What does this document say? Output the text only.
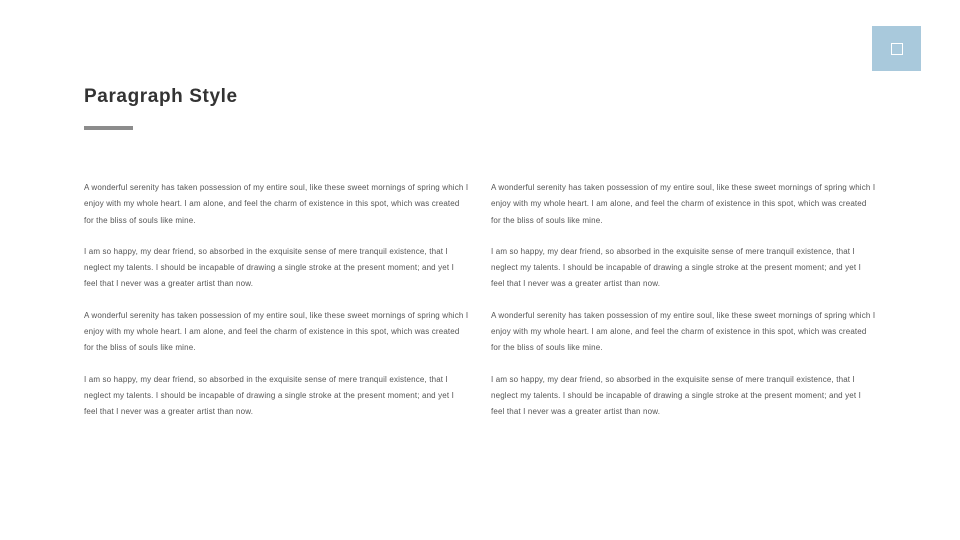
Paragraph Style

A wonderful serenity has taken possession of my entire soul, like these sweet mornings of spring which I enjoy with my whole heart. I am alone, and feel the charm of existence in this spot, which was created for the bliss of souls like mine.

I am so happy, my dear friend, so absorbed in the exquisite sense of mere tranquil existence, that I neglect my talents. I should be incapable of drawing a single stroke at the present moment; and yet I feel that I never was a greater artist than now.

A wonderful serenity has taken possession of my entire soul, like these sweet mornings of spring which I enjoy with my whole heart. I am alone, and feel the charm of existence in this spot, which was created for the bliss of souls like mine.

I am so happy, my dear friend, so absorbed in the exquisite sense of mere tranquil existence, that I neglect my talents. I should be incapable of drawing a single stroke at the present moment; and yet I feel that I never was a greater artist than now.

A wonderful serenity has taken possession of my entire soul, like these sweet mornings of spring which I enjoy with my whole heart. I am alone, and feel the charm of existence in this spot, which was created for the bliss of souls like mine.

I am so happy, my dear friend, so absorbed in the exquisite sense of mere tranquil existence, that I neglect my talents. I should be incapable of drawing a single stroke at the present moment; and yet I feel that I never was a greater artist than now.

A wonderful serenity has taken possession of my entire soul, like these sweet mornings of spring which I enjoy with my whole heart. I am alone, and feel the charm of existence in this spot, which was created for the bliss of souls like mine.

I am so happy, my dear friend, so absorbed in the exquisite sense of mere tranquil existence, that I neglect my talents. I should be incapable of drawing a single stroke at the present moment; and yet I feel that I never was a greater artist than now.
